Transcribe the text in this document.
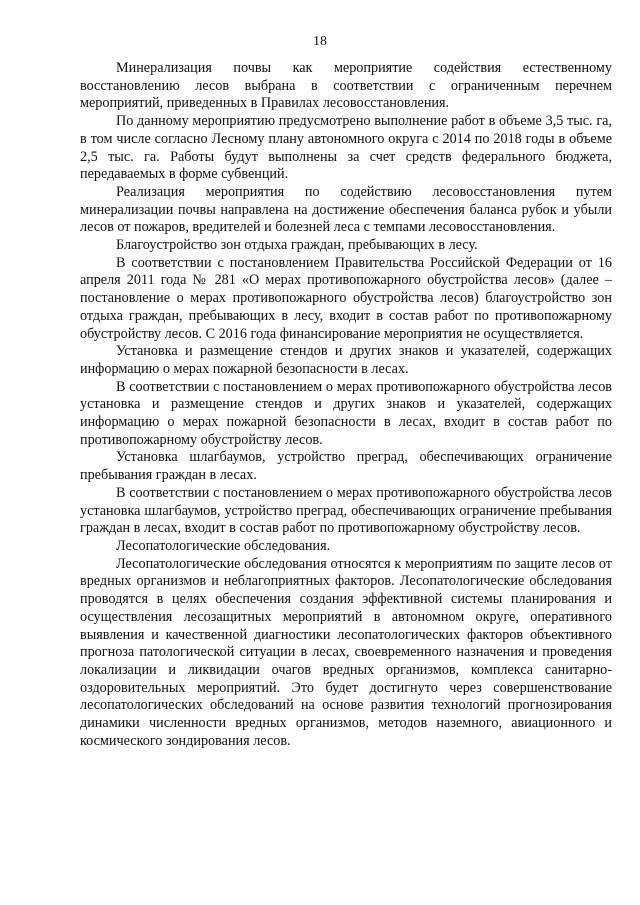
18

Минерализация почвы как мероприятие содействия естественному восстановлению лесов выбрана в соответствии с ограниченным перечнем мероприятий, приведенных в Правилах лесовосстановления.

По данному мероприятию предусмотрено выполнение работ в объеме 3,5 тыс. га, в том числе согласно Лесному плану автономного округа с 2014 по 2018 годы в объеме 2,5 тыс. га. Работы будут выполнены за счет средств федерального бюджета, передаваемых в форме субвенций.

Реализация мероприятия по содействию лесовосстановления путем минерализации почвы направлена на достижение обеспечения баланса рубок и убыли лесов от пожаров, вредителей и болезней леса с темпами лесовосстановления.

Благоустройство зон отдыха граждан, пребывающих в лесу.

В соответствии с постановлением Правительства Российской Федерации от 16 апреля 2011 года № 281 «О мерах противопожарного обустройства лесов» (далее – постановление о мерах противопожарного обустройства лесов) благоустройство зон отдыха граждан, пребывающих в лесу, входит в состав работ по противопожарному обустройству лесов. С 2016 года финансирование мероприятия не осуществляется.

Установка и размещение стендов и других знаков и указателей, содержащих информацию о мерах пожарной безопасности в лесах.

В соответствии с постановлением о мерах противопожарного обустройства лесов установка и размещение стендов и других знаков и указателей, содержащих информацию о мерах пожарной безопасности в лесах, входит в состав работ по противопожарному обустройству лесов.

Установка шлагбаумов, устройство преград, обеспечивающих ограничение пребывания граждан в лесах.

В соответствии с постановлением о мерах противопожарного обустройства лесов установка шлагбаумов, устройство преград, обеспечивающих ограничение пребывания граждан в лесах, входит в состав работ по противопожарному обустройству лесов.

Лесопатологические обследования.

Лесопатологические обследования относятся к мероприятиям по защите лесов от вредных организмов и неблагоприятных факторов. Лесопатологические обследования проводятся в целях обеспечения создания эффективной системы планирования и осуществления лесозащитных мероприятий в автономном округе, оперативного выявления и качественной диагностики лесопатологических факторов объективного прогноза патологической ситуации в лесах, своевременного назначения и проведения локализации и ликвидации очагов вредных организмов, комплекса санитарно-оздоровительных мероприятий. Это будет достигнуто через совершенствование лесопатологических обследований на основе развития технологий прогнозирования динамики численности вредных организмов, методов наземного, авиационного и космического зондирования лесов.
